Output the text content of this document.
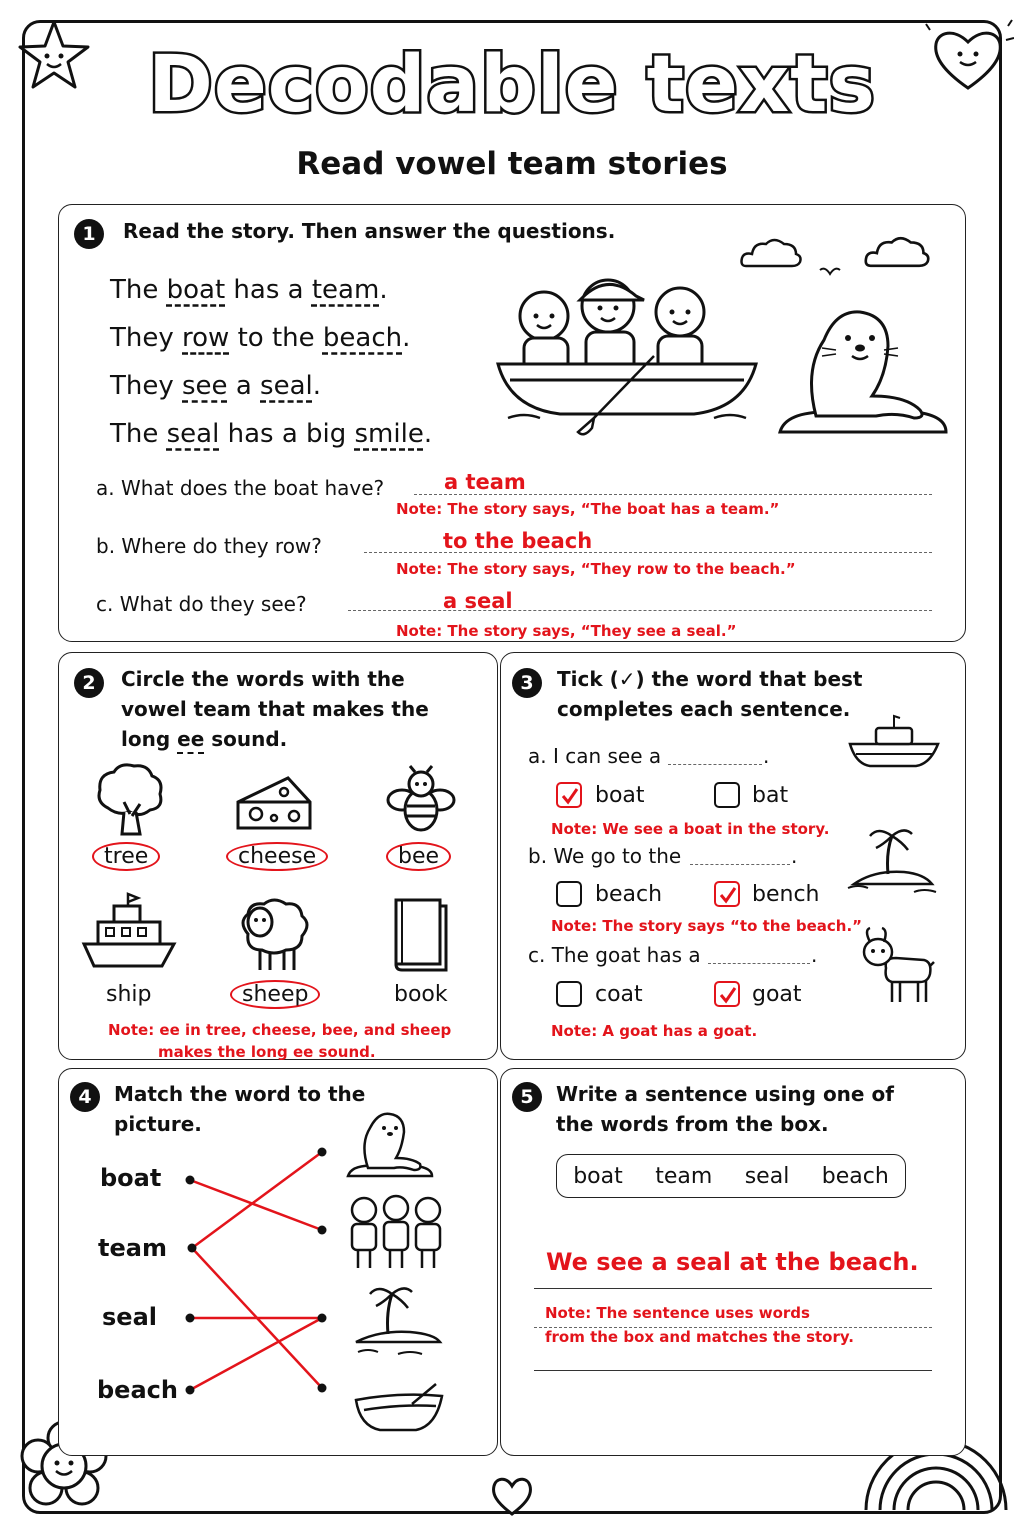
Decodable texts
Read vowel team stories
1	Read the story. Then answer the questions.
The boat has a team.
They row to the beach.
They see a seal.
The seal has a big smile.
a. What does the boat have?	a team
Note: The story says, “The boat has a team.”
b. Where do they row?	to the beach
Note: The story says, “They row to the beach.”
c. What do they see?	a seal
Note: The story says, “They see a seal.”
2	Circle the words with the
vowel team that makes the
long ee sound.
tree	cheese	bee
ship	sheep	book
Note: ee in tree, cheese, bee, and sheep
makes the long ee sound.
3	Tick (✓) the word that best
completes each sentence.
a. I can see a	.
boat	bat
Note: We see a boat in the story.
b. We go to the	.
beach	bench
Note: The story says “to the beach.”
c. The goat has a	.
coat	goat
Note: A goat has a goat.
4	Match the word to the
picture.
boat
team
seal
beach
5	Write a sentence using one of
the words from the box.
boat team seal beach
We see a seal at the beach.
Note: The sentence uses words
from the box and matches the story.
